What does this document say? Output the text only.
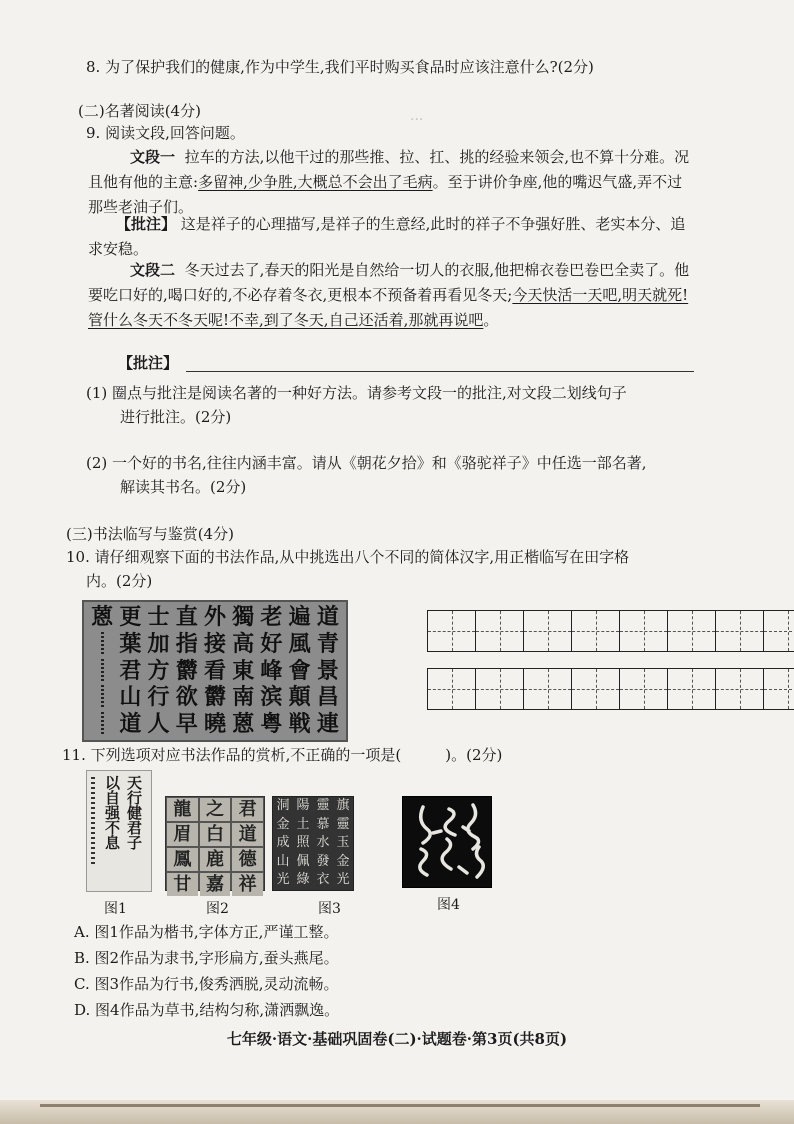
···
8. 为了保护我们的健康,作为中学生,我们平时购买食品时应该注意什么?(2分)
(二)名著阅读(4分)
9. 阅读文段,回答问题。
文段一 拉车的方法,以他干过的那些推、拉、扛、挑的经验来领会,也不算十分难。况且他有他的主意:多留神,少争胜,大概总不会出了毛病。至于讲价争座,他的嘴迟气盛,弄不过那些老油子们。
【批注】 这是祥子的心理描写,是祥子的生意经,此时的祥子不争强好胜、老实本分、追求安稳。
文段二 冬天过去了,春天的阳光是自然给一切人的衣服,他把棉衣卷巴卷巴全卖了。他要吃口好的,喝口好的,不必存着冬衣,更根本不预备着再看见冬天;今天快活一天吧,明天就死!管什么冬天不冬天呢!不幸,到了冬天,自己还活着,那就再说吧。
【批注】
(1) 圈点与批注是阅读名著的一种好方法。请参考文段一的批注,对文段二划线句子
进行批注。(2分)
(2) 一个好的书名,往往内涵丰富。请从《朝花夕拾》和《骆驼祥子》中任选一部名著,
解读其书名。(2分)
(三)书法临写与鉴赏(4分)
10. 请仔细观察下面的书法作品,从中挑选出八个不同的简体汉字,用正楷临写在田字格
内。(2分)
蒽 更 士 直 外 獨 老 遍 道
葉 加 指 接 高 好 風 青
君 方 欝 看 東 峰 會 景
山 行 欲 欝 南 滨 顛 昌
道 人 早 曉 蒽 粤 戦 連
11. 下列选项对应书法作品的赏析,不正确的一项是(	)。(2分)
天行健君子
以自强不息
图1
龍 之 君
眉 白 道
鳳 鹿 德
甘 嘉 祥
图2
洞 陽 靈 旗
金 土 慕 靈
成 照 水 玉
山 佩 發 金
光 綠 衣 光
图3	图4
A. 图1作品为楷书,字体方正,严谨工整。
B. 图2作品为隶书,字形扁方,蚕头燕尾。
C. 图3作品为行书,俊秀洒脱,灵动流畅。
D. 图4作品为草书,结构匀称,潇洒飘逸。
七年级·语文·基础巩固卷(二)·试题卷·第3页(共8页)
